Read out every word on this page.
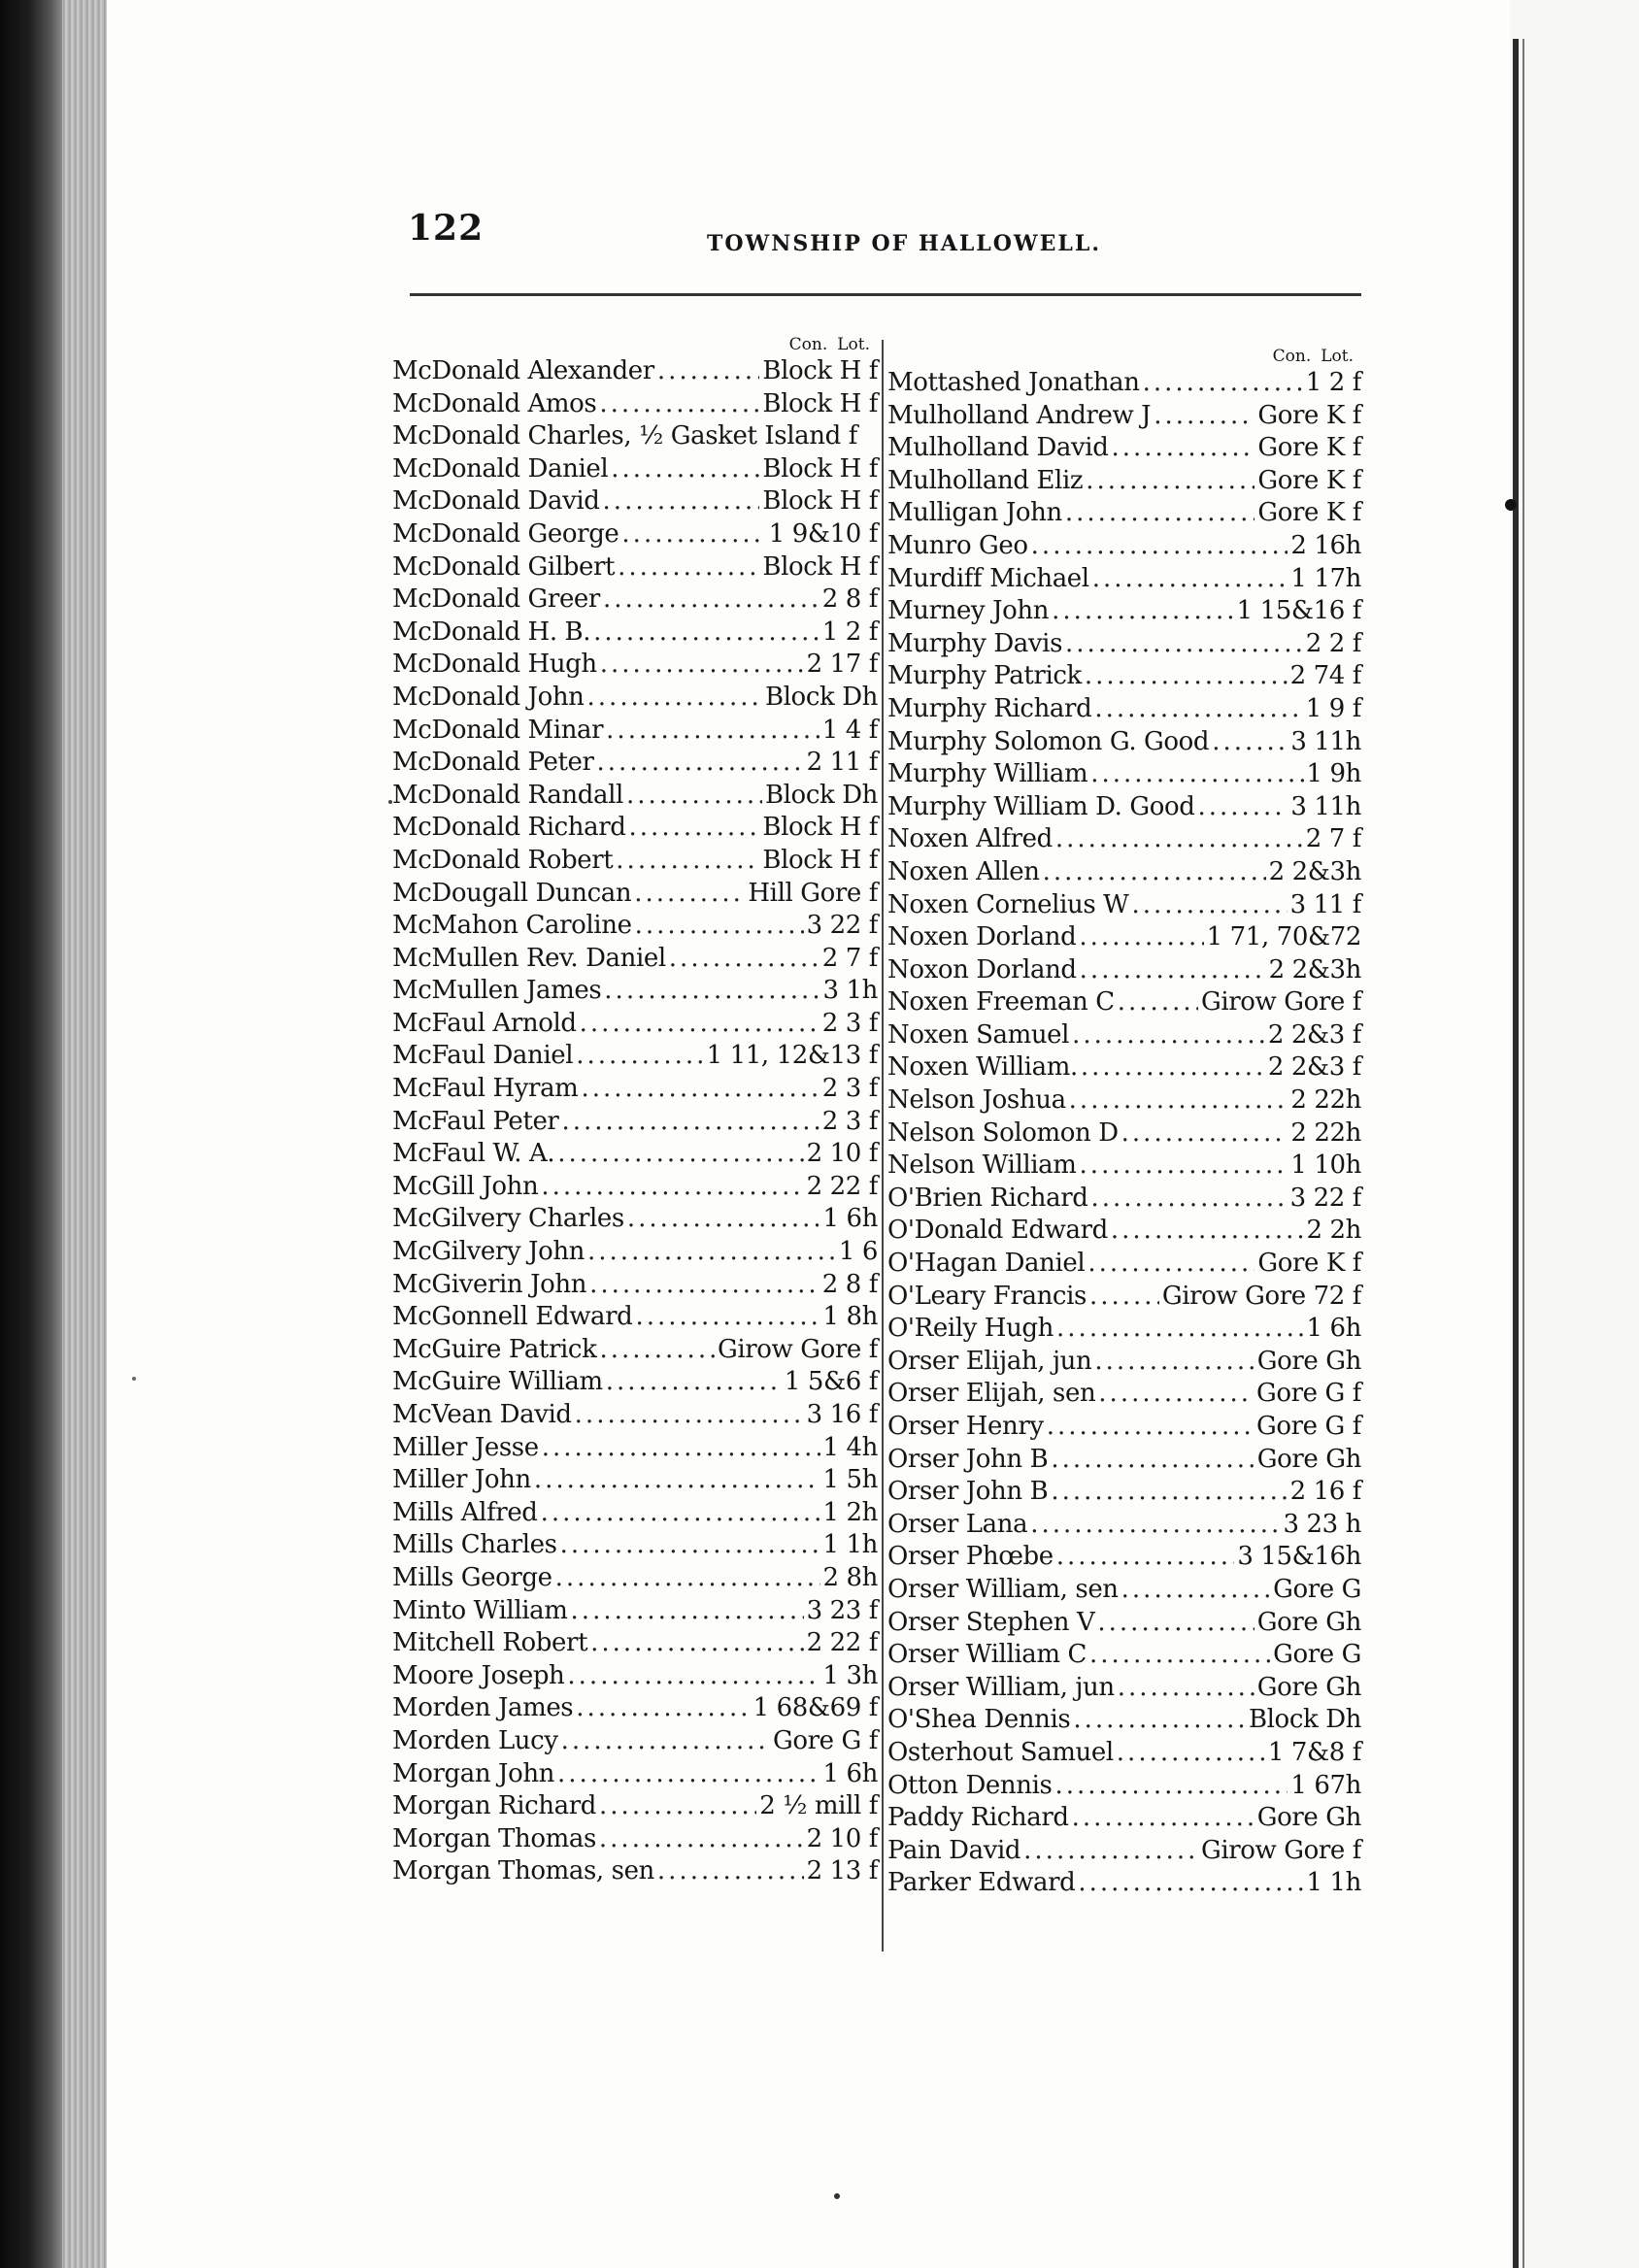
122	TOWNSHIP OF HALLOWELL.
Con. Lot.
McDonald Alexander .....	Block H f
McDonald Amos .....	Block H f
McDonald Charles, ½ Gasket Island f
McDonald Daniel .....	Block H f
McDonald David .....	Block H f
McDonald George .....	1 9&10 f
McDonald Gilbert .....	Block H f
McDonald Greer .....	2 8 f
McDonald H. B. .....	1 2 f
McDonald Hugh .....	2 17 f
McDonald John .....	Block Dh
McDonald Minar .....	1 4 f
McDonald Peter .....	2 11 f
McDonald Randall .....	Block Dh
McDonald Richard .....	Block H f
McDonald Robert .....	Block H f
McDougall Duncan .....	Hill Gore f
McMahon Caroline .....	3 22 f
McMullen Rev. Daniel .....	2 7 f
McMullen James .....	3 1h
McFaul Arnold .....	2 3 f
McFaul Daniel .....	1 11, 12&13 f
McFaul Hyram .....	2 3 f
McFaul Peter .....	2 3 f
McFaul W. A. .....	2 10 f
McGill John .....	2 22 f
McGilvery Charles .....	1 6h
McGilvery John .....	1 6
McGiverin John .....	2 8 f
McGonnell Edward .....	1 8h
McGuire Patrick .....	Girow Gore f
McGuire William .....	1 5&6 f
McVean David .....	3 16 f
Miller Jesse .....	1 4h
Miller John .....	1 5h
Mills Alfred .....	1 2h
Mills Charles .....	1 1h
Mills George .....	2 8h
Minto William .....	3 23 f
Mitchell Robert .....	2 22 f
Moore Joseph .....	1 3h
Morden James .....	1 68&69 f
Morden Lucy .....	Gore G f
Morgan John .....	1 6h
Morgan Richard .....	2 ½ mill f
Morgan Thomas .....	2 10 f
Morgan Thomas, sen .....	2 13 f
Con. Lot.
Mottashed Jonathan .....	1 2 f
Mulholland Andrew J .....	Gore K f
Mulholland David .....	Gore K f
Mulholland Eliz .....	Gore K f
Mulligan John .....	Gore K f
Munro Geo .....	2 16h
Murdiff Michael .....	1 17h
Murney John .....	1 15&16 f
Murphy Davis .....	2 2 f
Murphy Patrick .....	2 74 f
Murphy Richard .....	1 9 f
Murphy Solomon G. Good .....	3 11h
Murphy William .....	1 9h
Murphy William D. Good .....	3 11h
Noxen Alfred .....	2 7 f
Noxen Allen .....	2 2&3h
Noxen Cornelius W .....	3 11 f
Noxen Dorland .....	1 71, 70&72
Noxon Dorland .....	2 2&3h
Noxen Freeman C .....	Girow Gore f
Noxen Samuel .....	2 2&3 f
Noxen William. .....	2 2&3 f
Nelson Joshua .....	2 22h
Nelson Solomon D .....	2 22h
Nelson William .....	1 10h
O'Brien Richard .....	3 22 f
O'Donald Edward .....	2 2h
O'Hagan Daniel .....	Gore K f
O'Leary Francis .....	Girow Gore 72 f
O'Reily Hugh .....	1 6h
Orser Elijah, jun .....	Gore Gh
Orser Elijah, sen .....	Gore G f
Orser Henry .....	Gore G f
Orser John B .....	Gore Gh
Orser John B .....	2 16 f
Orser Lana .....	3 23 h
Orser Phœbe .....	3 15&16h
Orser William, sen .....	Gore G
Orser Stephen V .....	Gore Gh
Orser William C .....	Gore G
Orser William, jun .....	Gore Gh
O'Shea Dennis .....	Block Dh
Osterhout Samuel .....	1 7&8 f
Otton Dennis .....	1 67h
Paddy Richard .....	Gore Gh
Pain David .....	Girow Gore f
Parker Edward .....	1 1h
